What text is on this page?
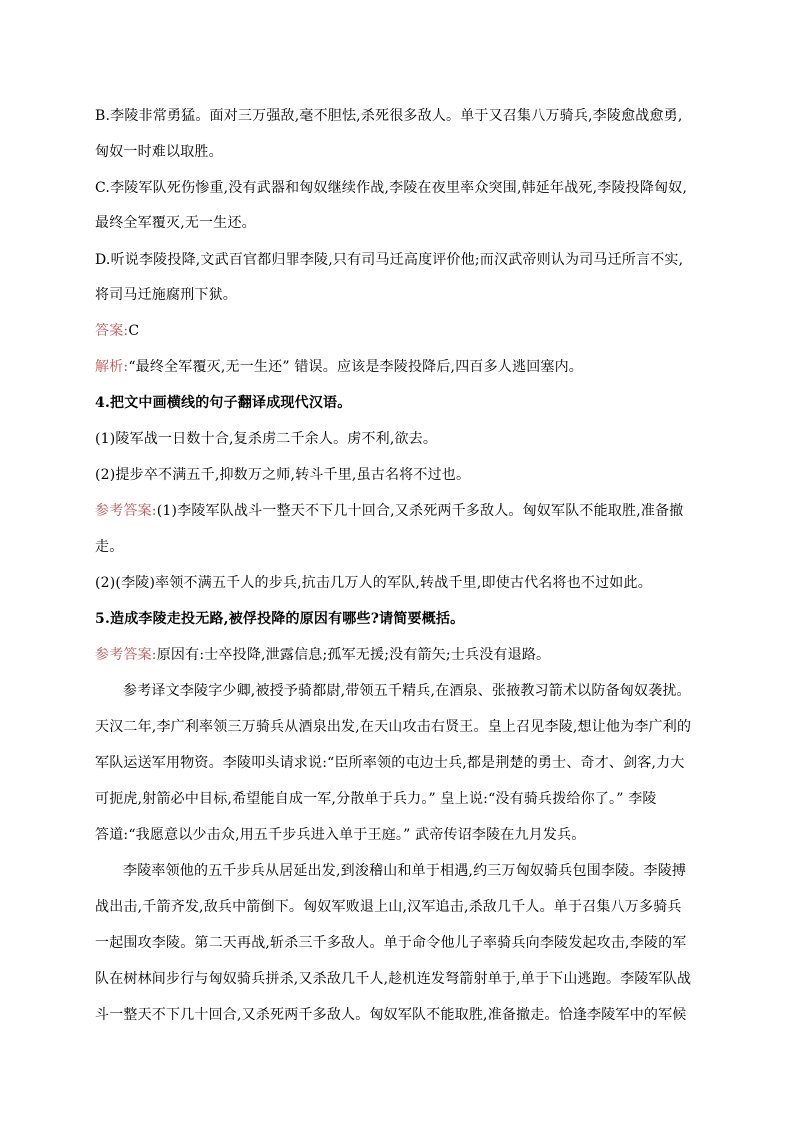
B.李陵非常勇猛。面对三万强敌,毫不胆怯,杀死很多敌人。单于又召集八万骑兵,李陵愈战愈勇,
匈奴一时难以取胜。
C.李陵军队死伤惨重,没有武器和匈奴继续作战,李陵在夜里率众突围,韩延年战死,李陵投降匈奴,
最终全军覆灭,无一生还。
D.听说李陵投降,文武百官都归罪李陵,只有司马迁高度评价他;而汉武帝则认为司马迁所言不实,
将司马迁施腐刑下狱。
答案:C
解析:“最终全军覆灭,无一生还” 错误。应该是李陵投降后,四百多人逃回塞内。
4.把文中画横线的句子翻译成现代汉语。
(1)陵军战一日数十合,复杀虏二千余人。虏不利,欲去。
(2)提步卒不满五千,抑数万之师,转斗千里,虽古名将不过也。
参考答案:(1)李陵军队战斗一整天不下几十回合,又杀死两千多敌人。匈奴军队不能取胜,准备撤
走。
(2)(李陵)率领不满五千人的步兵,抗击几万人的军队,转战千里,即使古代名将也不过如此。
5.造成李陵走投无路,被俘投降的原因有哪些?请简要概括。
参考答案:原因有:士卒投降,泄露信息;孤军无援;没有箭矢;士兵没有退路。
参考译文李陵字少卿,被授予骑都尉,带领五千精兵,在酒泉、张掖教习箭术以防备匈奴袭扰。
天汉二年,李广利率领三万骑兵从酒泉出发,在天山攻击右贤王。皇上召见李陵,想让他为李广利的
军队运送军用物资。李陵叩头请求说:“臣所率领的屯边士兵,都是荆楚的勇士、奇才、剑客,力大
可扼虎,射箭必中目标,希望能自成一军,分散单于兵力。” 皇上说:“没有骑兵拨给你了。” 李陵
答道:“我愿意以少击众,用五千步兵进入单于王庭。” 武帝传诏李陵在九月发兵。
李陵率领他的五千步兵从居延出发,到浚稽山和单于相遇,约三万匈奴骑兵包围李陵。李陵搏
战出击,千箭齐发,敌兵中箭倒下。匈奴军败退上山,汉军追击,杀敌几千人。单于召集八万多骑兵
一起围攻李陵。第二天再战,斩杀三千多敌人。单于命令他儿子率骑兵向李陵发起攻击,李陵的军
队在树林间步行与匈奴骑兵拼杀,又杀敌几千人,趁机连发弩箭射单于,单于下山逃跑。李陵军队战
斗一整天不下几十回合,又杀死两千多敌人。匈奴军队不能取胜,准备撤走。恰逢李陵军中的军候
